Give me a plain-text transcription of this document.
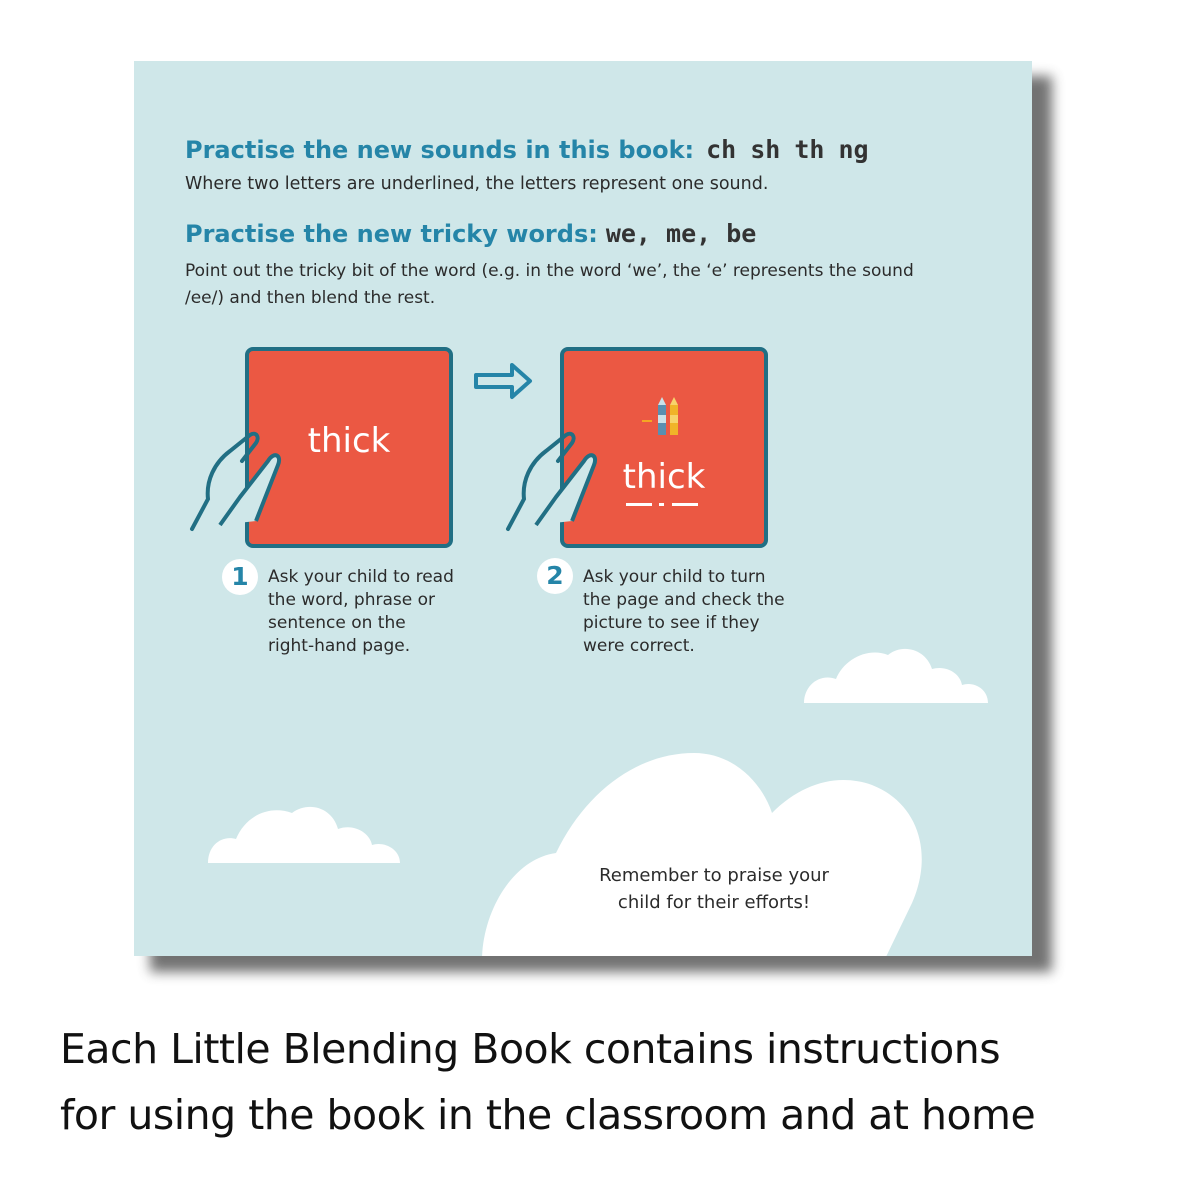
Practise the new sounds in this book: ch sh th ng

Where two letters are underlined, the letters represent one sound.

Practise the new tricky words: we, me, be

Point out the tricky bit of the word (e.g. in the word ‘we’, the ‘e’ represents the sound
/ee/) and then blend the rest.

thick
thick
1	Ask your child to read
the word, phrase or
sentence on the
right-hand page.

2	Ask your child to turn
the page and check the
picture to see if they
were correct.

Remember to praise your
child for their efforts!

Each Little Blending Book contains instructions
for using the book in the classroom and at home
